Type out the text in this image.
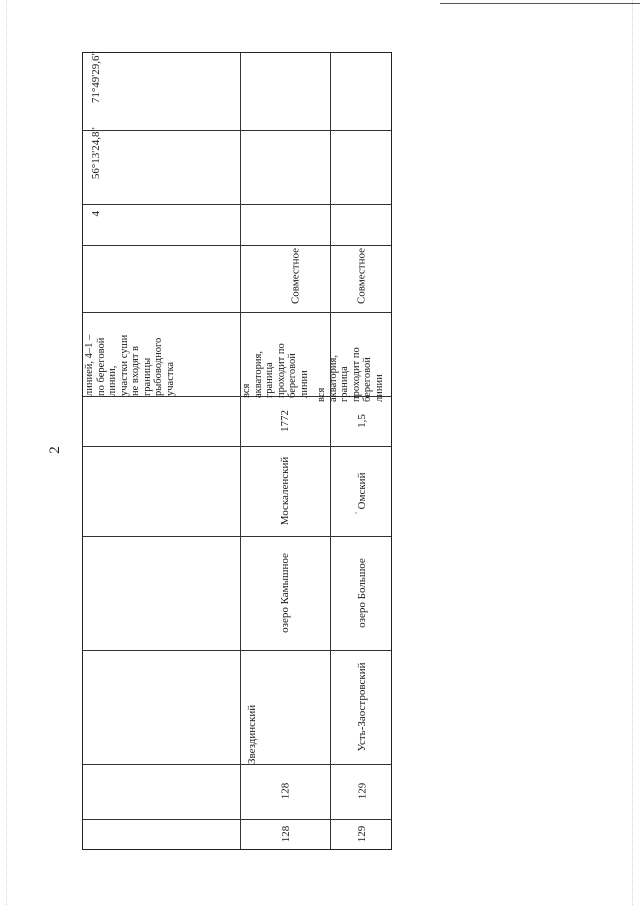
2
71°49'29,6"
56°13'24,8"
4
линией, 4–1 –
по береговой
линии,
участки суши
не входят в
границы
рыбоводного
участка
Совместное
вся
акватория,
граница
проходит по
береговой
линии
1772
Москаленский
озеро Камышное
Звездинский
128
128
Совместное
вся
акватория,
граница
проходит по
береговой
линии
1,5
Омский
озеро Большое
Усть-Заостровский
129
129
